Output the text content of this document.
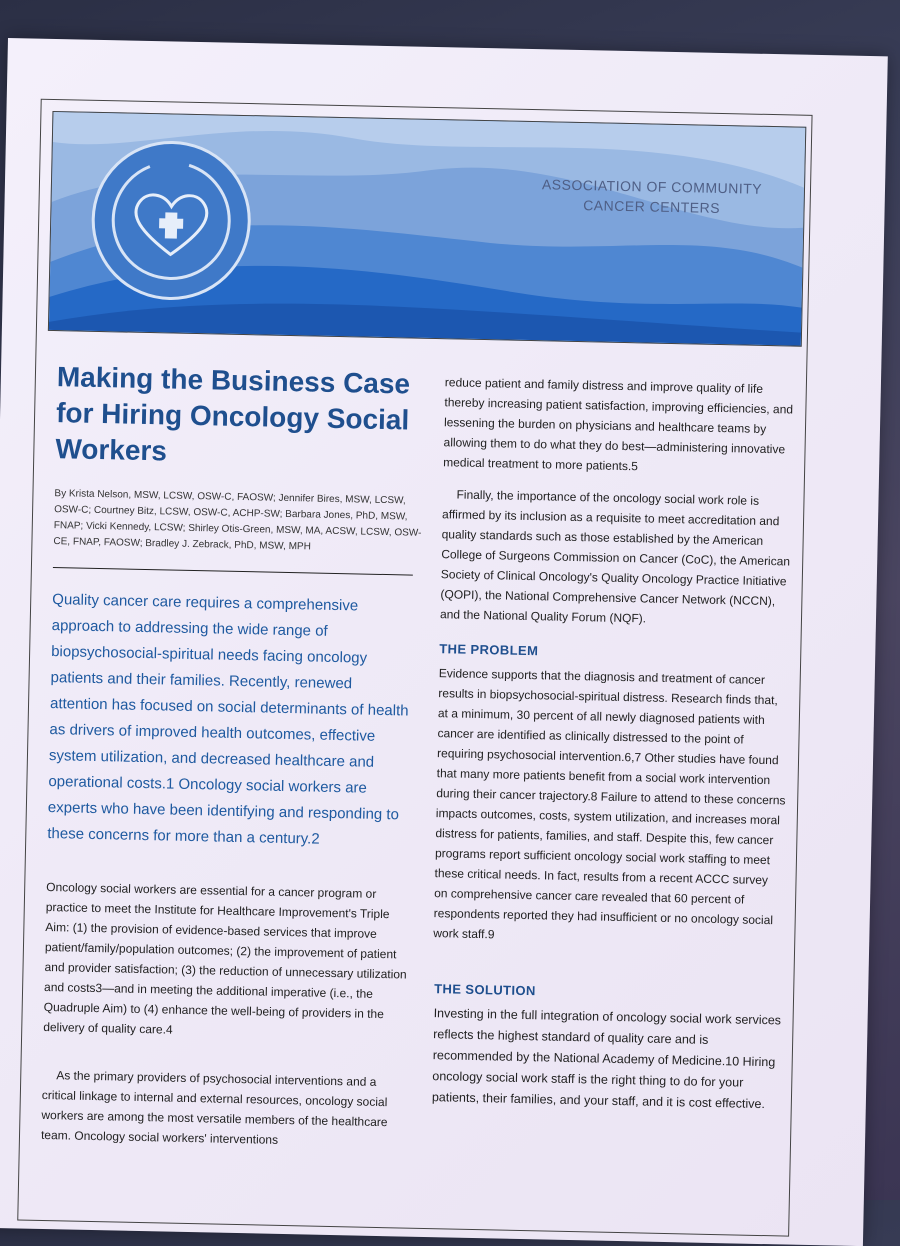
ASSOCIATION OF COMMUNITY
CANCER CENTERS
Making the Business Case for Hiring Oncology Social Workers

By Krista Nelson, MSW, LCSW, OSW-C, FAOSW; Jennifer Bires, MSW, LCSW, OSW-C; Courtney Bitz, LCSW, OSW-C, ACHP-SW; Barbara Jones, PhD, MSW, FNAP; Vicki Kennedy, LCSW; Shirley Otis-Green, MSW, MA, ACSW, LCSW, OSW-CE, FNAP, FAOSW; Bradley J. Zebrack, PhD, MSW, MPH

Quality cancer care requires a comprehensive approach to addressing the wide range of biopsychosocial-spiritual needs facing oncology patients and their families. Recently, renewed attention has focused on social determinants of health as drivers of improved health outcomes, effective system utilization, and decreased healthcare and operational costs.1 Oncology social workers are experts who have been identifying and responding to these concerns for more than a century.2

Oncology social workers are essential for a cancer program or practice to meet the Institute for Healthcare Improvement's Triple Aim: (1) the provision of evidence-based services that improve patient/family/population outcomes; (2) the improvement of patient and provider satisfaction; (3) the reduction of unnecessary utilization and costs3—and in meeting the additional imperative (i.e., the Quadruple Aim) to (4) enhance the well-being of providers in the delivery of quality care.4

As the primary providers of psychosocial interventions and a critical linkage to internal and external resources, oncology social workers are among the most versatile members of the healthcare team. Oncology social workers' interventions

reduce patient and family distress and improve quality of life thereby increasing patient satisfaction, improving efficiencies, and lessening the burden on physicians and healthcare teams by allowing them to do what they do best—administering innovative medical treatment to more patients.5

Finally, the importance of the oncology social work role is affirmed by its inclusion as a requisite to meet accreditation and quality standards such as those established by the American College of Surgeons Commission on Cancer (CoC), the American Society of Clinical Oncology's Quality Oncology Practice Initiative (QOPI), the National Comprehensive Cancer Network (NCCN), and the National Quality Forum (NQF).

THE PROBLEM

Evidence supports that the diagnosis and treatment of cancer results in biopsychosocial-spiritual distress. Research finds that, at a minimum, 30 percent of all newly diagnosed patients with cancer are identified as clinically distressed to the point of requiring psychosocial intervention.6,7 Other studies have found that many more patients benefit from a social work intervention during their cancer trajectory.8 Failure to attend to these concerns impacts outcomes, costs, system utilization, and increases moral distress for patients, families, and staff. Despite this, few cancer programs report sufficient oncology social work staffing to meet these critical needs. In fact, results from a recent ACCC survey on comprehensive cancer care revealed that 60 percent of respondents reported they had insufficient or no oncology social work staff.9

THE SOLUTION

Investing in the full integration of oncology social work services reflects the highest standard of quality care and is recommended by the National Academy of Medicine.10 Hiring oncology social work staff is the right thing to do for your patients, their families, and your staff, and it is cost effective.
